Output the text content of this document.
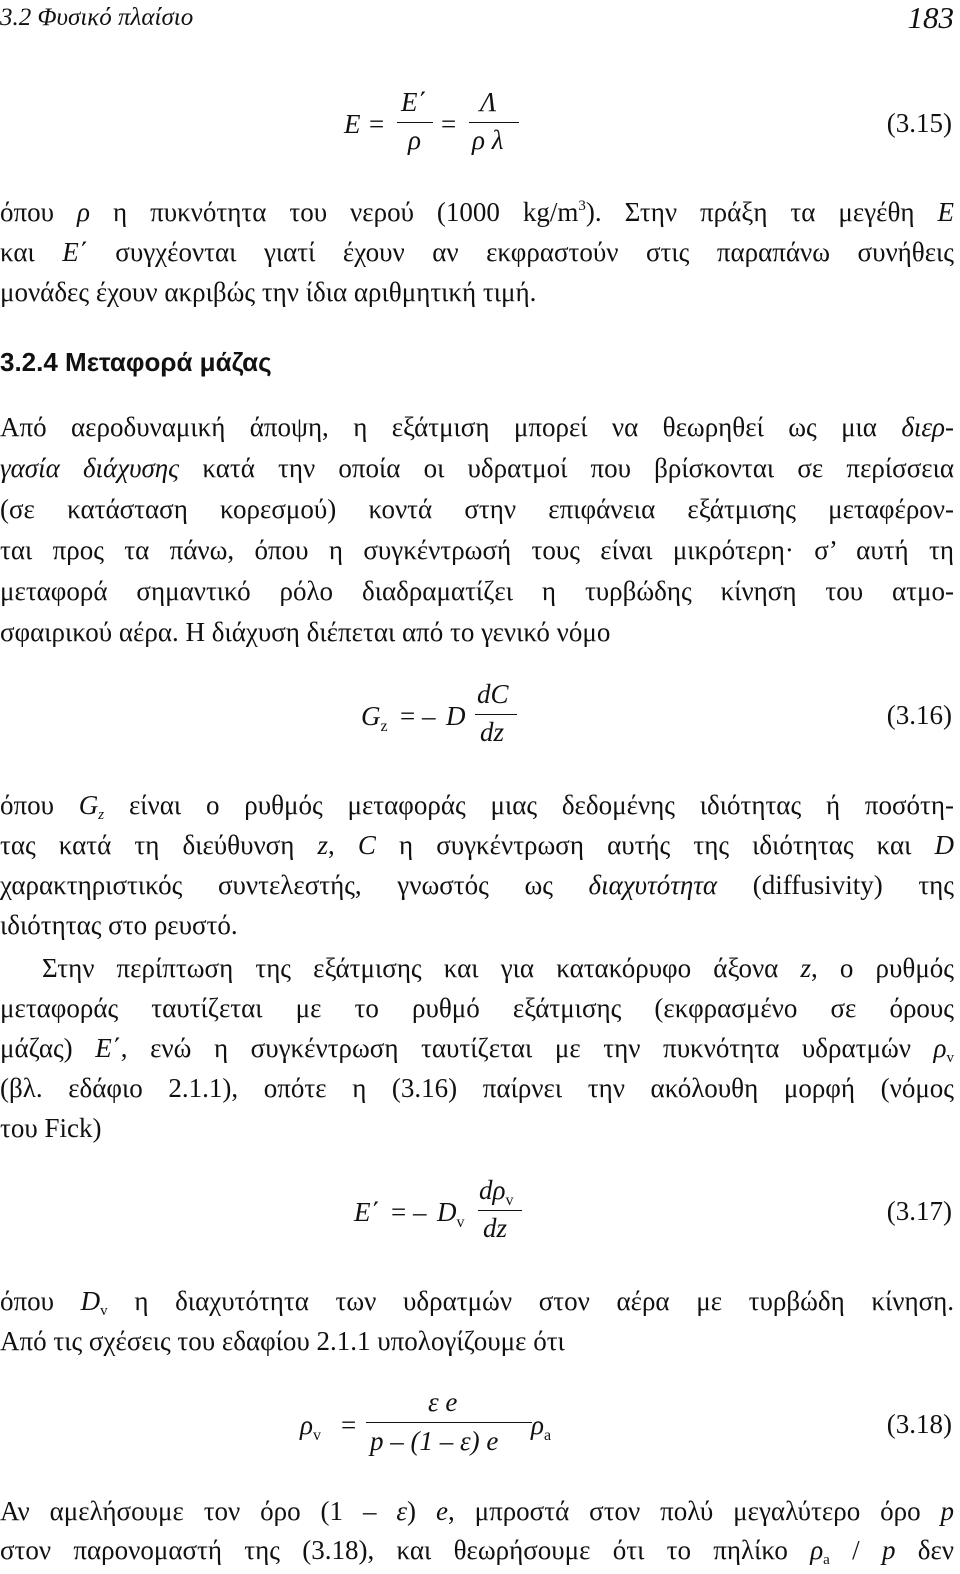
3.2 Φυσικό πλαίσιο	183
E =
E΄
ρ
=
Λ
ρ λ
(3.15)
όπου ρ η πυκνότητα του νερού (1000 $kg/m^3$). Στην πράξη τα μεγέθη E
και E΄ συγχέονται γιατί έχουν αν εκφραστούν στις παραπάνω συνήθεις
μονάδες έχουν ακριβώς την ίδια αριθμητική τιμή.
3.2.4 Μεταφορά μάζας
Από αεροδυναμική άποψη, η εξάτμιση μπορεί να θεωρηθεί ως μια διερ-
γασία διάχυσης κατά την οποία οι υδρατμοί που βρίσκονται σε περίσσεια
(σε κατάσταση κορεσμού) κοντά στην επιφάνεια εξάτμισης μεταφέρον-
ται προς τα πάνω, όπου η συγκέντρωσή τους είναι μικρότερη· σ’ αυτή τη
μεταφορά σημαντικό ρόλο διαδραματίζει η τυρβώδης κίνηση του ατμο-
σφαιρικού αέρα. Η διάχυση διέπεται από το γενικό νόμο
$G_z$ = – D
dC
dz
(3.16)
όπου $G_z$ είναι ο ρυθμός μεταφοράς μιας δεδομένης ιδιότητας ή ποσότη-
τας κατά τη διεύθυνση z, C η συγκέντρωση αυτής της ιδιότητας και D
χαρακτηριστικός συντελεστής, γνωστός ως διαχυτότητα (diffusivity) της
ιδιότητας στο ρευστό.
Στην περίπτωση της εξάτμισης και για κατακόρυφο άξονα z, ο ρυθμός
μεταφοράς ταυτίζεται με το ρυθμό εξάτμισης (εκφρασμένο σε όρους
μάζας) E΄, ενώ η συγκέντρωση ταυτίζεται με την πυκνότητα υδρατμών $\rho_v$
(βλ. εδάφιο 2.1.1), οπότε η (3.16) παίρνει την ακόλουθη μορφή (νόμος
του Fick)
E΄ = – $D_v$
$d\rho_v$
dz
(3.17)
όπου $D_v$ η διαχυτότητα των υδρατμών στον αέρα με τυρβώδη κίνηση.
Από τις σχέσεις του εδαφίου 2.1.1 υπολογίζουμε ότι
$\rho_v$ =
ε e
p – (1 – ε) e
$\rho_a$	(3.18)
Αν αμελήσουμε τον όρο (1 – ε) e, μπροστά στον πολύ μεγαλύτερο όρο p
στον παρονομαστή της (3.18), και θεωρήσουμε ότι το πηλίκο $\rho_a$ / p δεν
